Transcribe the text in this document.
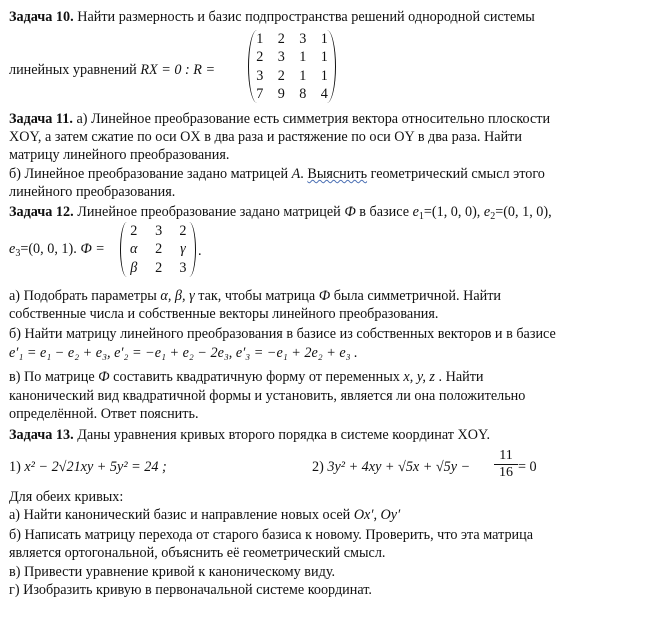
Задача 10. Найти размерность и базис подпространства решений однородной системы
линейных уравнений RX = 0 : R =
1	2	3	1
2	3	1	1
3	2	1	1
7	9	8	4
Задача 11. а) Линейное преобразование есть симметрия вектора относительно плоскости
XOY, а затем сжатие по оси OX в два раза и растяжение по оси OY в два раза. Найти
матрицу линейного преобразования.
б) Линейное преобразование задано матрицей A. Выяснить геометрический смысл этого
линейного преобразования.
Задача 12. Линейное преобразование задано матрицей Ф в базисе $e_1=(1$, 0, 0), $e_2=(0$, 1, 0),
$e_3=(0$, 0, 1). Ф =
2	3	2
α	2	γ
β	2	3
.
а) Подобрать параметры α, β, γ так, чтобы матрица Ф была симметричной. Найти
собственные числа и собственные векторы линейного преобразования.
б) Найти матрицу линейного преобразования в базисе из собственных векторов и в базисе
e′₁ = e₁ − e₂ + e₃, e′₂ = −e₁ + e₂ − 2e₃, e′₃ = −e₁ + 2e₂ + e₃ .
в) По матрице Ф составить квадратичную форму от переменных x, y, z . Найти
канонический вид квадратичной формы и установить, является ли она положительно
определённой. Ответ пояснить.
Задача 13. Даны уравнения кривых второго порядка в системе координат XOY.
1) x² − 2√21xy + 5y² = 24 ;	2) $3y^2 + 4xy + √5x + √5y - \frac{11}{16} = 0$
Для обеих кривых:
а) Найти канонический базис и направление новых осей Ox′, Oy′
б) Написать матрицу перехода от старого базиса к новому. Проверить, что эта матрица
является ортогональной, объяснить её геометрический смысл.
в) Привести уравнение кривой к каноническому виду.
г) Изобразить кривую в первоначальной системе координат.
